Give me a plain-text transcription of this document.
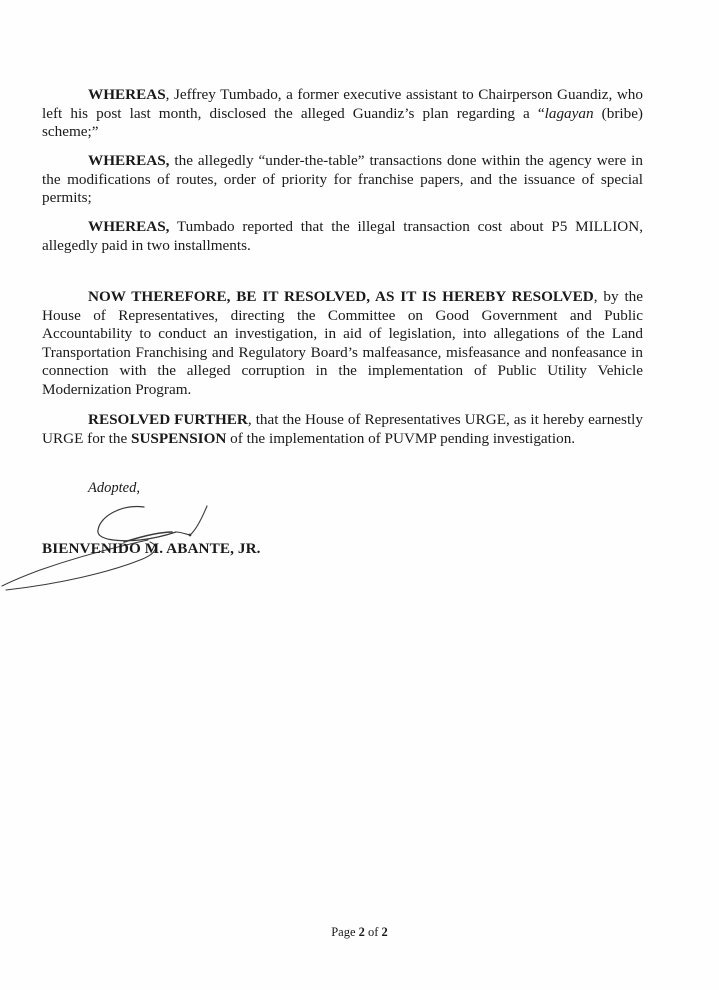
WHEREAS, Jeffrey Tumbado, a former executive assistant to Chairperson Guandiz, who left his post last month, disclosed the alleged Guandiz’s plan regarding a “lagayan (bribe) scheme;”

WHEREAS, the allegedly “under-the-table” transactions done within the agency were in the modifications of routes, order of priority for franchise papers, and the issuance of special permits;

WHEREAS, Tumbado reported that the illegal transaction cost about P5 MILLION, allegedly paid in two installments.

NOW THEREFORE, BE IT RESOLVED, AS IT IS HEREBY RESOLVED, by the House of Representatives, directing the Committee on Good Government and Public Accountability to conduct an investigation, in aid of legislation, into allegations of the Land Transportation Franchising and Regulatory Board’s malfeasance, misfeasance and nonfeasance in connection with the alleged corruption in the implementation of Public Utility Vehicle Modernization Program.

RESOLVED FURTHER, that the House of Representatives URGE, as it hereby earnestly URGE for the SUSPENSION of the implementation of PUVMP pending investigation.

Adopted,

BIENVENIDO M. ABANTE, JR.

Page 2 of 2
